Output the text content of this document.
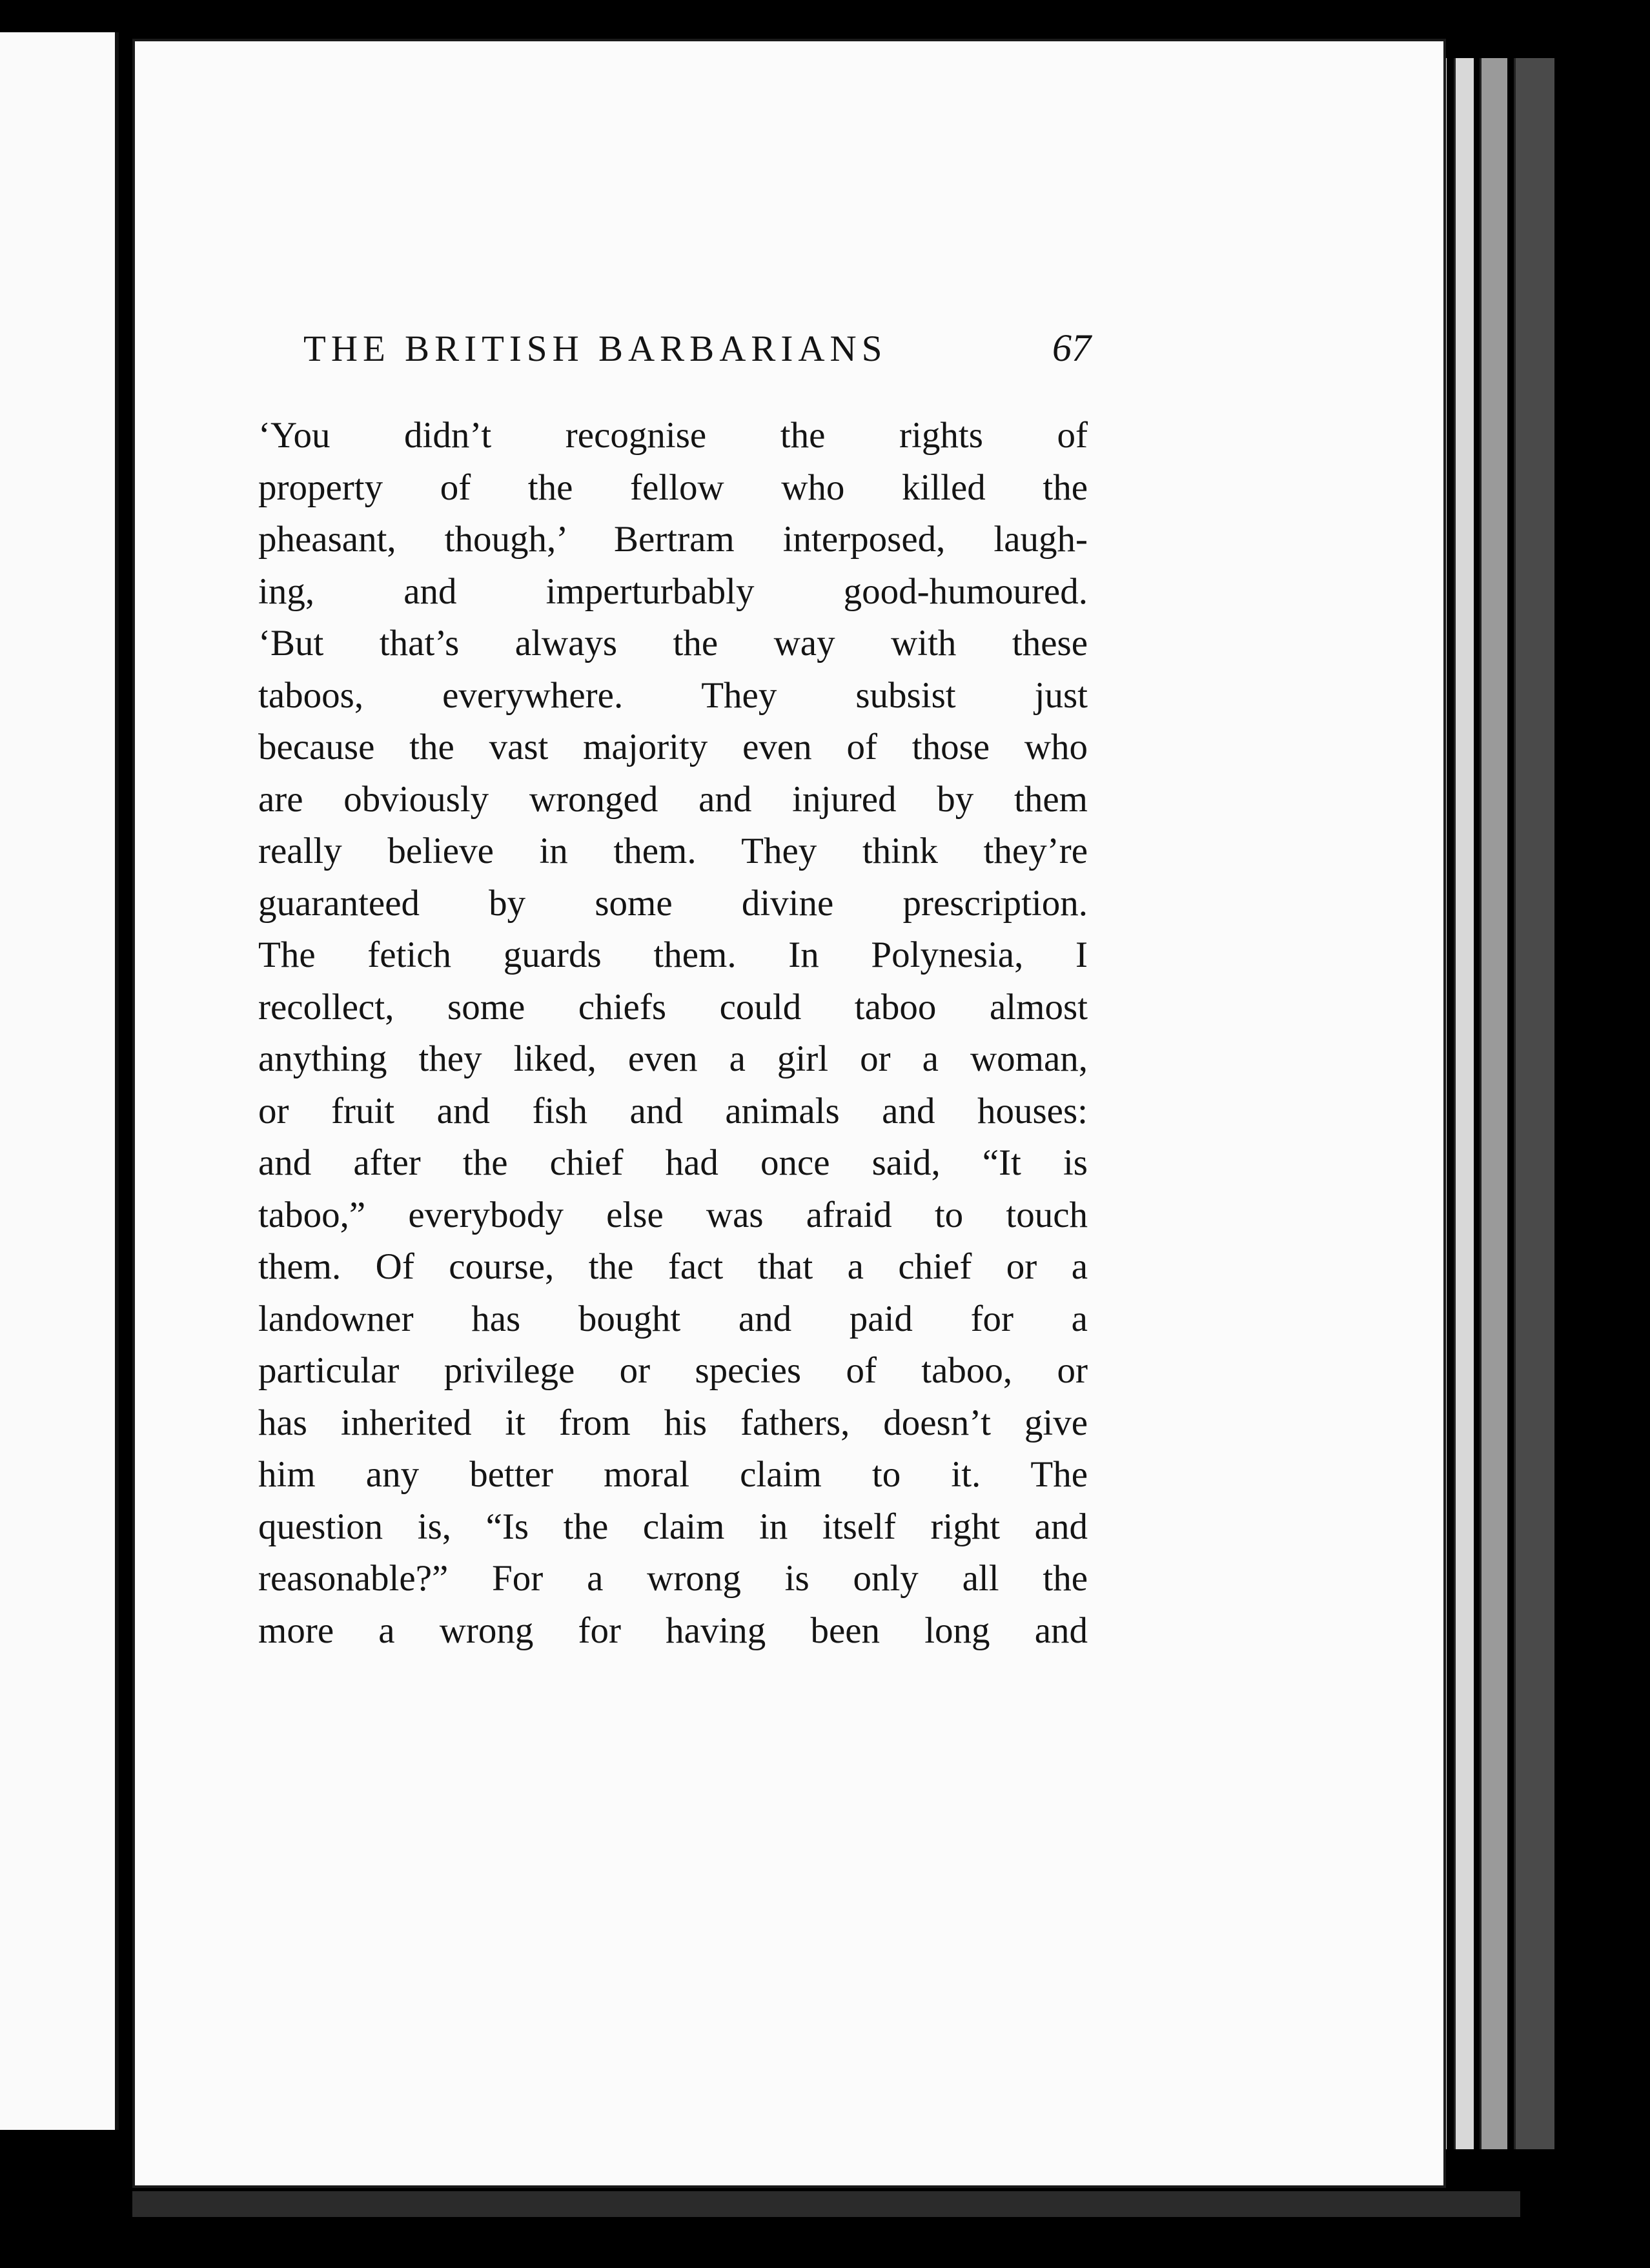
THE BRITISH BARBARIANS	67
‘You didn’t recognise the rights of
property of the fellow who killed the
pheasant, though,’ Bertram interposed, laugh-
ing, and imperturbably good-humoured.
‘But that’s always the way with these
taboos, everywhere. They subsist just
because the vast majority even of those who
are obviously wronged and injured by them
really believe in them. They think they’re
guaranteed by some divine prescription.
The fetich guards them. In Polynesia, I
recollect, some chiefs could taboo almost
anything they liked, even a girl or a woman,
or fruit and fish and animals and houses:
and after the chief had once said, “It is
taboo,” everybody else was afraid to touch
them. Of course, the fact that a chief or a
landowner has bought and paid for a
particular privilege or species of taboo, or
has inherited it from his fathers, doesn’t give
him any better moral claim to it. The
question is, “Is the claim in itself right and
reasonable?” For a wrong is only all the
more a wrong for having been long and
